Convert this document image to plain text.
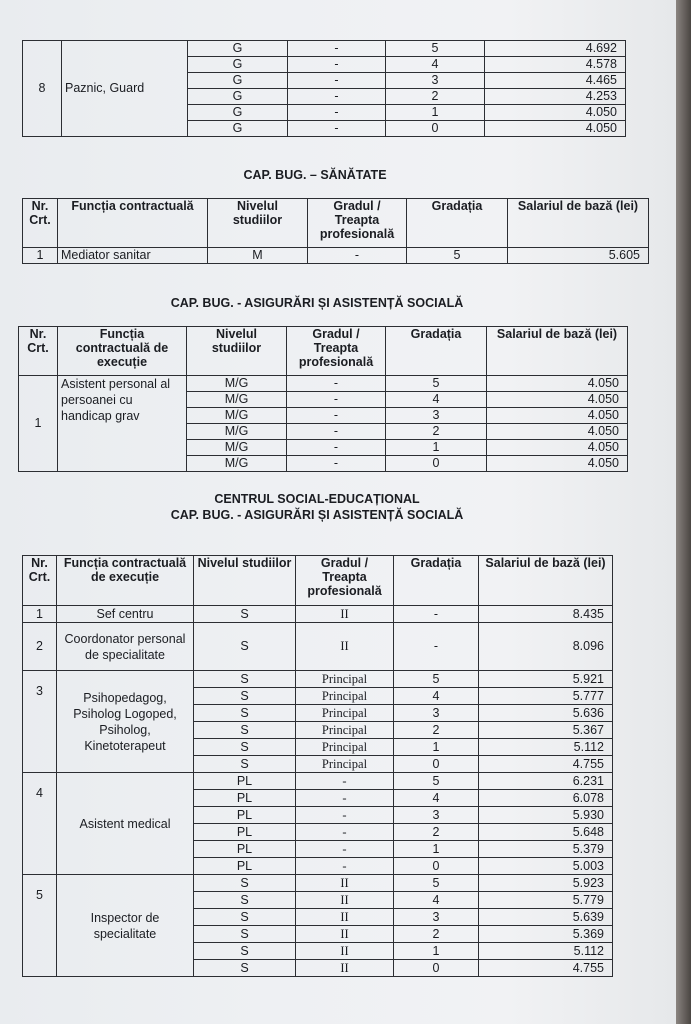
8	Paznic, Guard	G	-	5	4.692
		G	-	4	4.578
		G	-	3	4.465
		G	-	2	4.253
		G	-	1	4.050
		G	-	0	4.050
CAP. BUG. – SĂNĂTATE
Nr. Crt.	Funcția contractuală	Nivelul studiilor	Gradul / Treapta profesională	Gradația	Salariul de bază (lei)
1	Mediator sanitar	M	-	5	5.605
CAP. BUG. - ASIGURĂRI ȘI ASISTENȚĂ SOCIALĂ
Nr. Crt.	Funcția contractuală de execuție	Nivelul studiilor	Gradul / Treapta profesională	Gradația	Salariul de bază (lei)
1	Asistent personal al persoanei cu handicap grav	M/G	-	5	4.050
		M/G	-	4	4.050
		M/G	-	3	4.050
		M/G	-	2	4.050
		M/G	-	1	4.050
		M/G	-	0	4.050
CENTRUL SOCIAL-EDUCAȚIONAL
CAP. BUG. - ASIGURĂRI ȘI ASISTENȚĂ SOCIALĂ
Nr. Crt.	Funcția contractuală de execuție	Nivelul studiilor	Gradul / Treapta profesională	Gradația	Salariul de bază (lei)
1	Sef centru	S	II	-	8.435
2	Coordonator personal de specialitate	S	II	-	8.096
3	Psihopedagog, Psiholog Logoped, Psiholog, Kinetoterapeut	S	Principal	5	5.921
		S	Principal	4	5.777
		S	Principal	3	5.636
		S	Principal	2	5.367
		S	Principal	1	5.112
		S	Principal	0	4.755
4	Asistent medical	PL	-	5	6.231
		PL	-	4	6.078
		PL	-	3	5.930
		PL	-	2	5.648
		PL	-	1	5.379
		PL	-	0	5.003
5	Inspector de specialitate	S	II	5	5.923
		S	II	4	5.779
		S	II	3	5.639
		S	II	2	5.369
		S	II	1	5.112
		S	II	0	4.755
